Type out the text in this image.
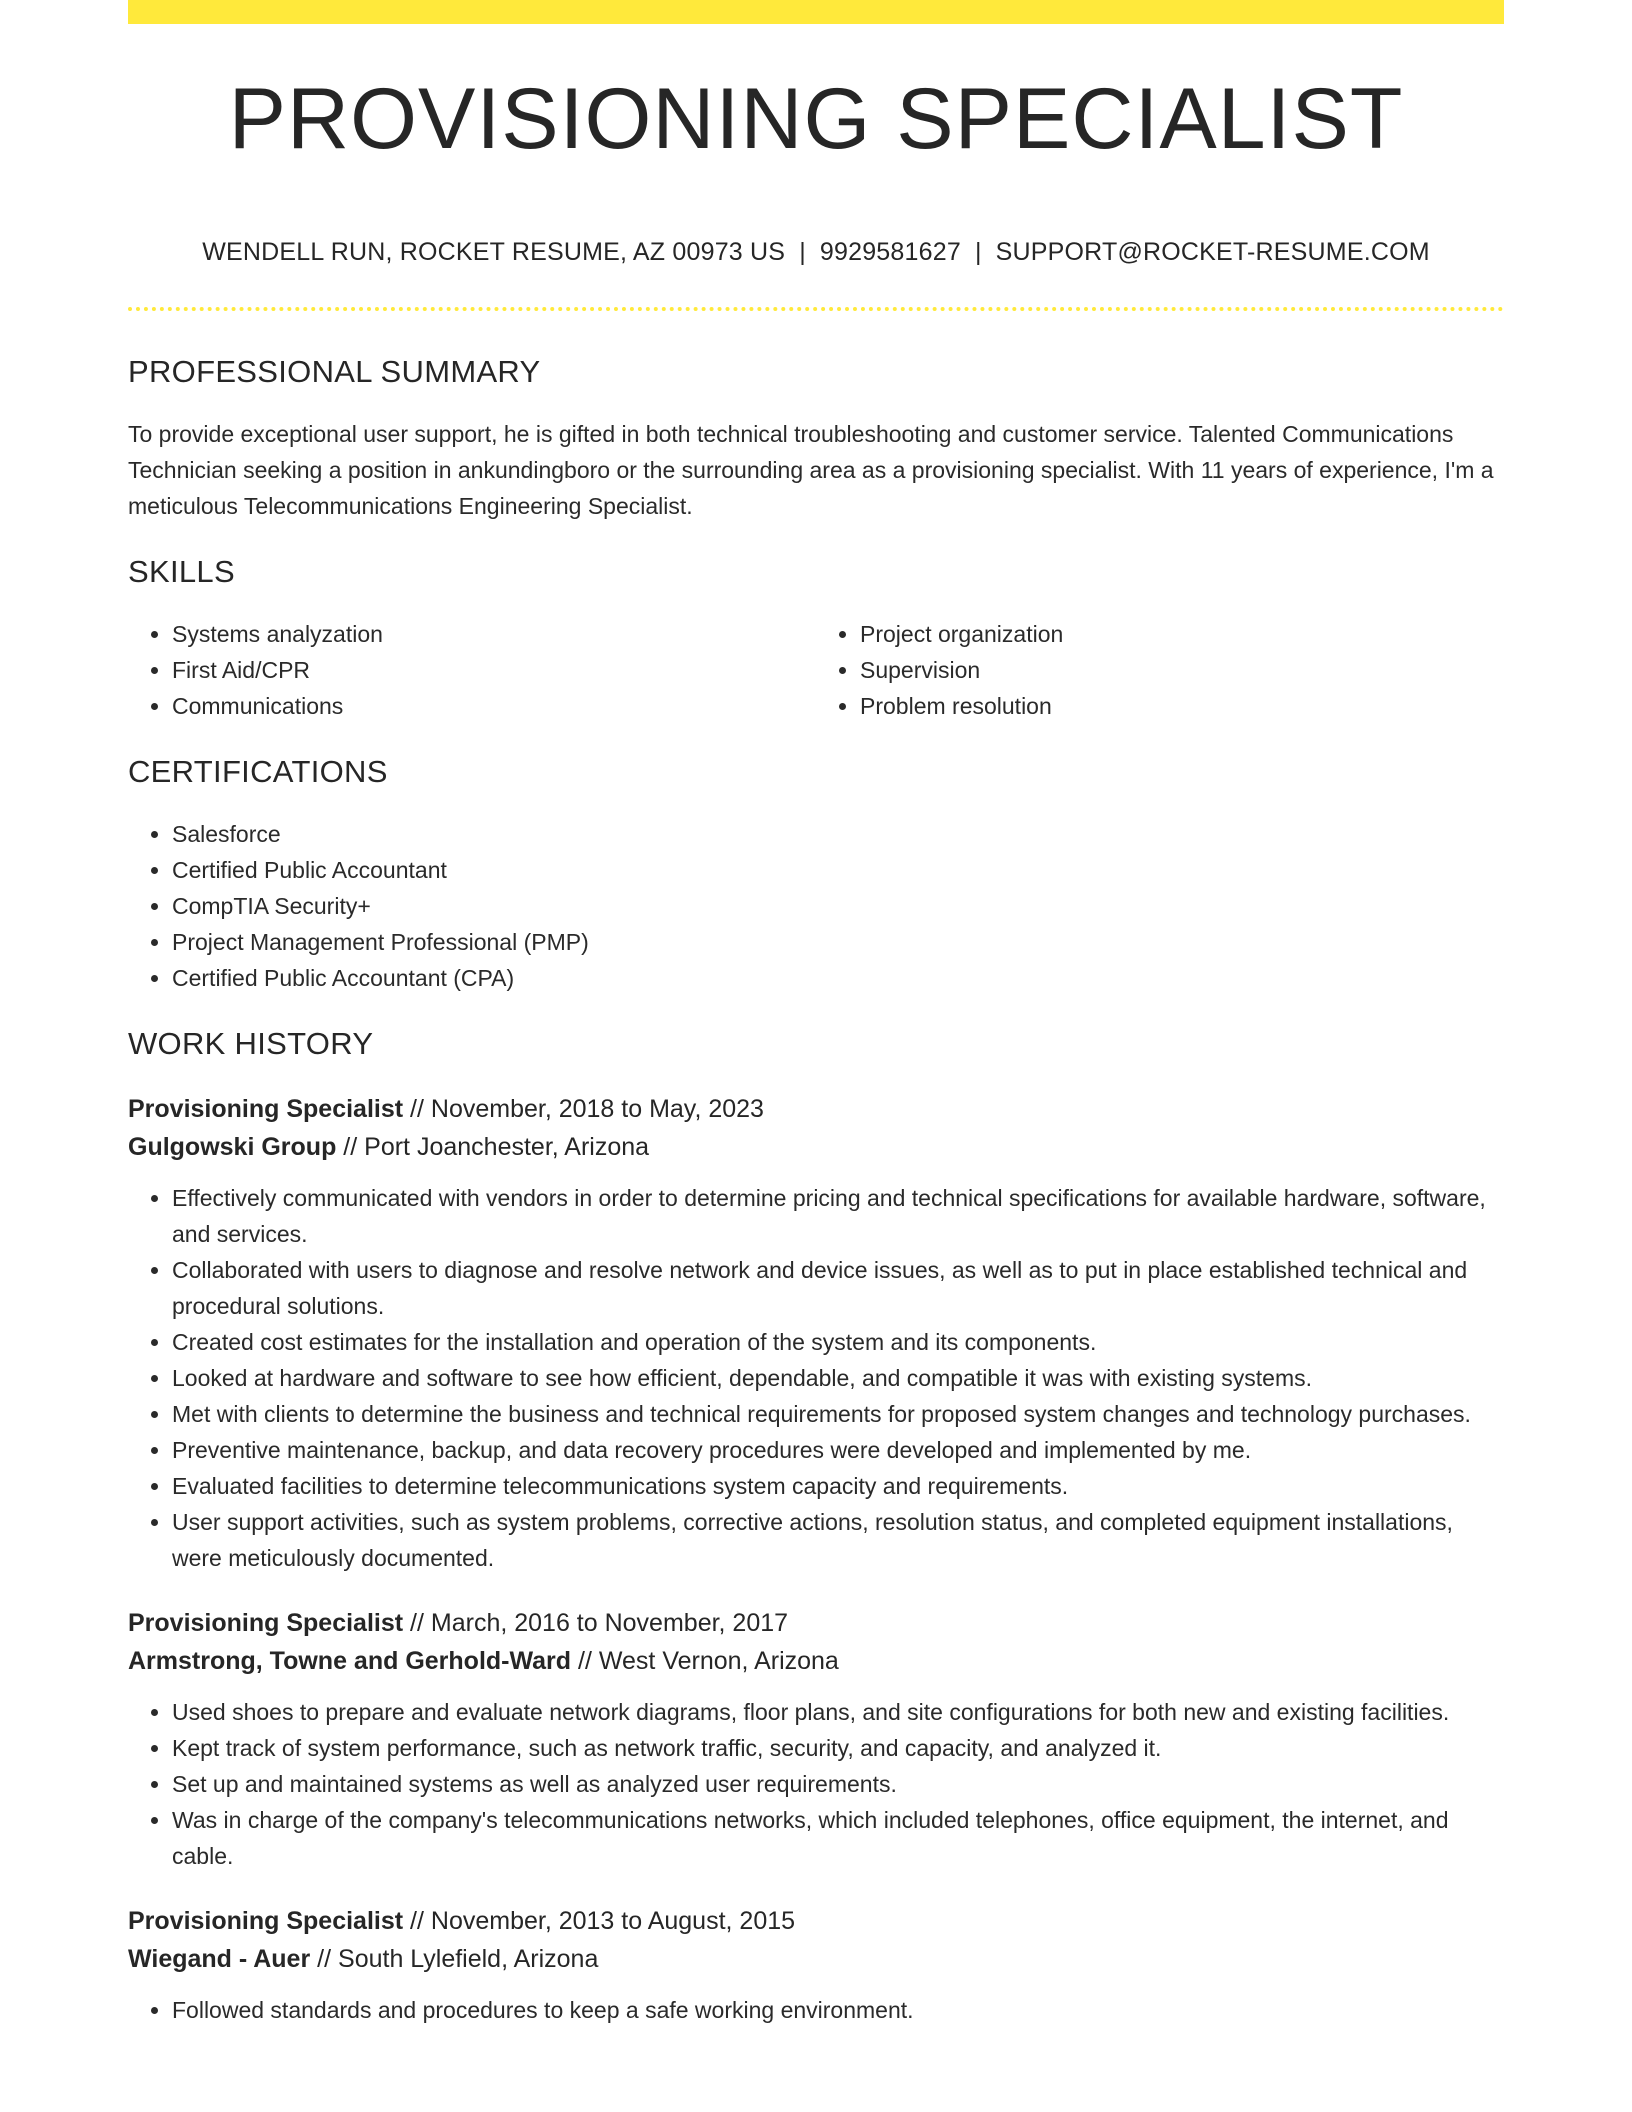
PROVISIONING SPECIALIST
WENDELL RUN, ROCKET RESUME, AZ 00973 US | 9929581627 | SUPPORT@ROCKET-RESUME.COM
PROFESSIONAL SUMMARY

To provide exceptional user support, he is gifted in both technical troubleshooting and customer service. Talented Communications Technician seeking a position in ankundingboro or the surrounding area as a provisioning specialist. With 11 years of experience, I'm a meticulous Telecommunications Engineering Specialist.

SKILLS
• Systems analyzation
• First Aid/CPR
• Communications
• Project organization
• Supervision
• Problem resolution
CERTIFICATIONS
• Salesforce
• Certified Public Accountant
• CompTIA Security+
• Project Management Professional (PMP)
• Certified Public Accountant (CPA)
WORK HISTORY
Provisioning Specialist // November, 2018 to May, 2023
Gulgowski Group // Port Joanchester, Arizona
• Effectively communicated with vendors in order to determine pricing and technical specifications for available hardware, software, and services.
• Collaborated with users to diagnose and resolve network and device issues, as well as to put in place established technical and procedural solutions.
• Created cost estimates for the installation and operation of the system and its components.
• Looked at hardware and software to see how efficient, dependable, and compatible it was with existing systems.
• Met with clients to determine the business and technical requirements for proposed system changes and technology purchases.
• Preventive maintenance, backup, and data recovery procedures were developed and implemented by me.
• Evaluated facilities to determine telecommunications system capacity and requirements.
• User support activities, such as system problems, corrective actions, resolution status, and completed equipment installations, were meticulously documented.
Provisioning Specialist // March, 2016 to November, 2017
Armstrong, Towne and Gerhold-Ward // West Vernon, Arizona
• Used shoes to prepare and evaluate network diagrams, floor plans, and site configurations for both new and existing facilities.
• Kept track of system performance, such as network traffic, security, and capacity, and analyzed it.
• Set up and maintained systems as well as analyzed user requirements.
• Was in charge of the company's telecommunications networks, which included telephones, office equipment, the internet, and cable.
Provisioning Specialist // November, 2013 to August, 2015
Wiegand - Auer // South Lylefield, Arizona
• Followed standards and procedures to keep a safe working environment.
